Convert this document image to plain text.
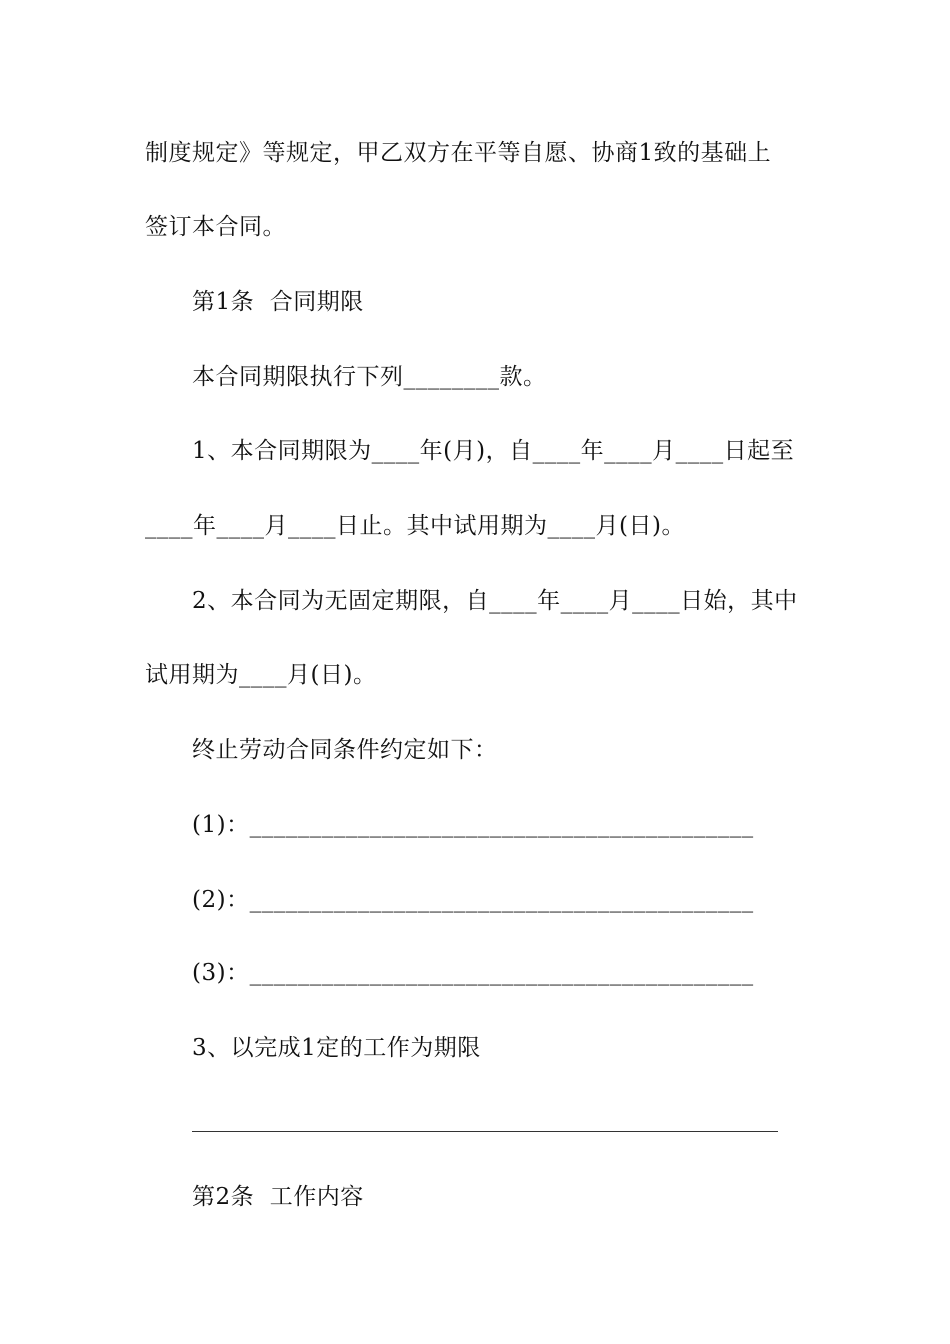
制度规定》等规定，甲乙双方在平等自愿、协商1致的基础上
签订本合同。
第1条  合同期限
本合同期限执行下列________款。
1、本合同期限为____年(月)，自____年____月____日起至
____年____月____日止。其中试用期为____月(日)。
2、本合同为无固定期限，自____年____月____日始，其中
试用期为____月(日)。
终止劳动合同条件约定如下：
(1)：__________________________________________
(2)：__________________________________________
(3)：__________________________________________
3、以完成1定的工作为期限
第2条  工作内容
